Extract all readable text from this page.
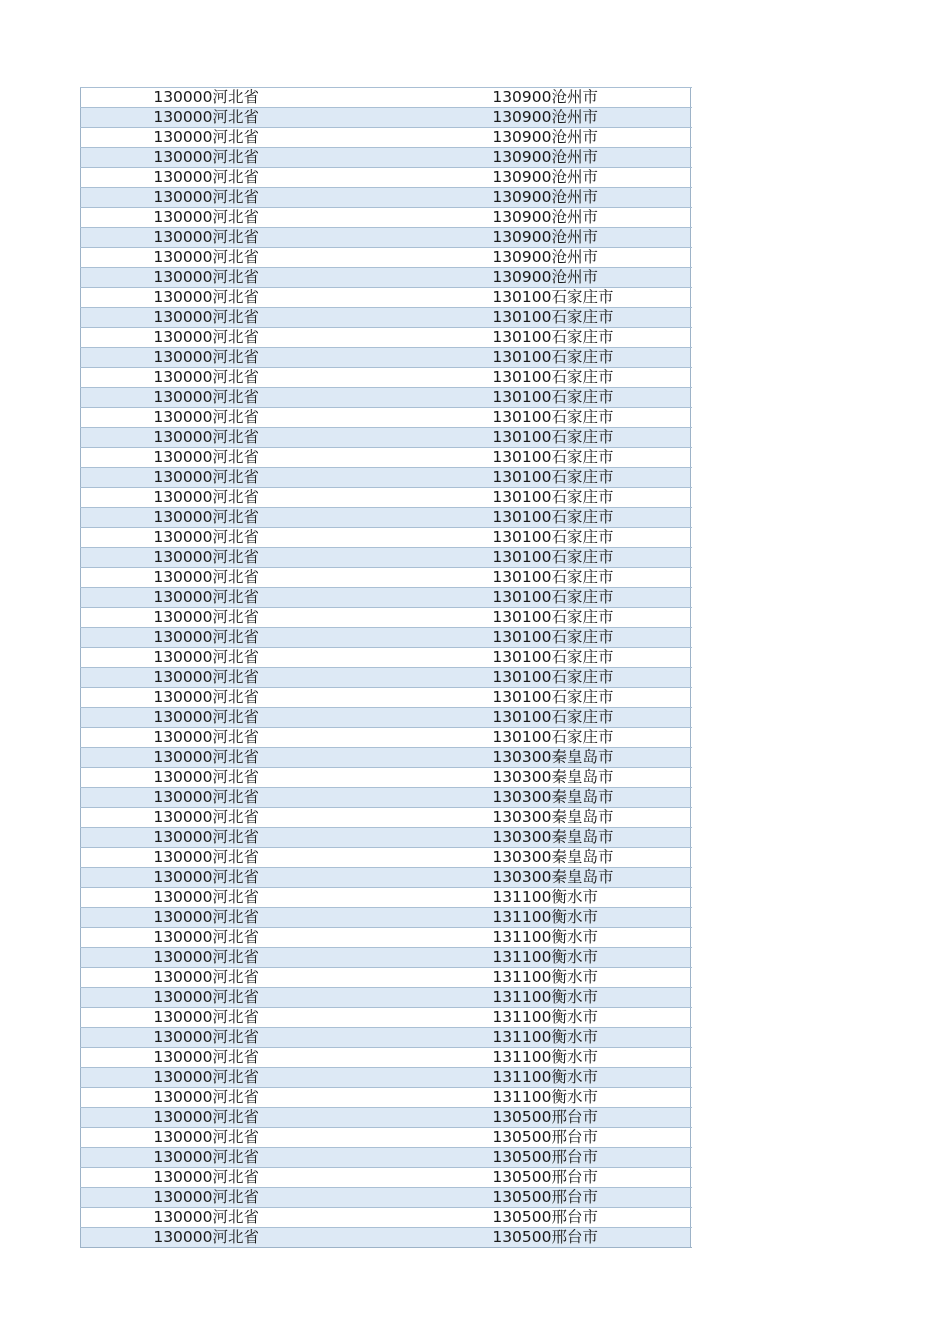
130000	河北省	130900	沧州市	
130000	河北省	130900	沧州市	
130000	河北省	130900	沧州市	
130000	河北省	130900	沧州市	
130000	河北省	130900	沧州市	
130000	河北省	130900	沧州市	
130000	河北省	130900	沧州市	
130000	河北省	130900	沧州市	
130000	河北省	130900	沧州市	
130000	河北省	130900	沧州市	
130000	河北省	130100	石家庄市	
130000	河北省	130100	石家庄市	
130000	河北省	130100	石家庄市	
130000	河北省	130100	石家庄市	
130000	河北省	130100	石家庄市	
130000	河北省	130100	石家庄市	
130000	河北省	130100	石家庄市	
130000	河北省	130100	石家庄市	
130000	河北省	130100	石家庄市	
130000	河北省	130100	石家庄市	
130000	河北省	130100	石家庄市	
130000	河北省	130100	石家庄市	
130000	河北省	130100	石家庄市	
130000	河北省	130100	石家庄市	
130000	河北省	130100	石家庄市	
130000	河北省	130100	石家庄市	
130000	河北省	130100	石家庄市	
130000	河北省	130100	石家庄市	
130000	河北省	130100	石家庄市	
130000	河北省	130100	石家庄市	
130000	河北省	130100	石家庄市	
130000	河北省	130100	石家庄市	
130000	河北省	130100	石家庄市	
130000	河北省	130300	秦皇岛市	
130000	河北省	130300	秦皇岛市	
130000	河北省	130300	秦皇岛市	
130000	河北省	130300	秦皇岛市	
130000	河北省	130300	秦皇岛市	
130000	河北省	130300	秦皇岛市	
130000	河北省	130300	秦皇岛市	
130000	河北省	131100	衡水市	
130000	河北省	131100	衡水市	
130000	河北省	131100	衡水市	
130000	河北省	131100	衡水市	
130000	河北省	131100	衡水市	
130000	河北省	131100	衡水市	
130000	河北省	131100	衡水市	
130000	河北省	131100	衡水市	
130000	河北省	131100	衡水市	
130000	河北省	131100	衡水市	
130000	河北省	131100	衡水市	
130000	河北省	130500	邢台市	
130000	河北省	130500	邢台市	
130000	河北省	130500	邢台市	
130000	河北省	130500	邢台市	
130000	河北省	130500	邢台市	
130000	河北省	130500	邢台市	
130000	河北省	130500	邢台市	
